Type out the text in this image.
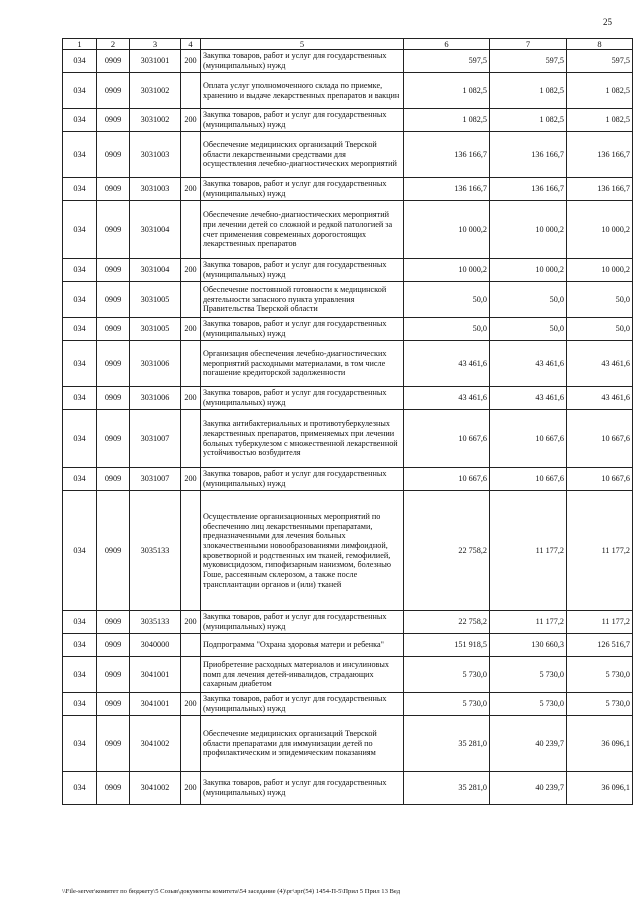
25
1	2	3	4	5	6	7	8
034	0909	3031001	200	Закупка товаров, работ и услуг для государственных (муниципальных) нужд	597,5	597,5	597,5
034	0909	3031002		Оплата услуг уполномоченного склада по приемке, хранению и выдаче лекарственных препаратов и вакцин	1 082,5	1 082,5	1 082,5
034	0909	3031002	200	Закупка товаров, работ и услуг для государственных (муниципальных) нужд	1 082,5	1 082,5	1 082,5
034	0909	3031003		Обеспечение медицинских организаций Тверской области лекарственными средствами для осуществления лечебно-диагностических мероприятий	136 166,7	136 166,7	136 166,7
034	0909	3031003	200	Закупка товаров, работ и услуг для государственных (муниципальных) нужд	136 166,7	136 166,7	136 166,7
034	0909	3031004		Обеспечение лечебно-диагностических мероприятий при лечении детей со сложной и редкой патологией за счет применения современных дорогостоящих лекарственных препаратов	10 000,2	10 000,2	10 000,2
034	0909	3031004	200	Закупка товаров, работ и услуг для государственных (муниципальных) нужд	10 000,2	10 000,2	10 000,2
034	0909	3031005		Обеспечение постоянной готовности к медицинской деятельности запасного пункта управления Правительства Тверской области	50,0	50,0	50,0
034	0909	3031005	200	Закупка товаров, работ и услуг для государственных (муниципальных) нужд	50,0	50,0	50,0
034	0909	3031006		Организация обеспечения лечебно-диагностических мероприятий расходными материалами, в том числе погашение кредиторской задолженности	43 461,6	43 461,6	43 461,6
034	0909	3031006	200	Закупка товаров, работ и услуг для государственных (муниципальных) нужд	43 461,6	43 461,6	43 461,6
034	0909	3031007		Закупка антибактериальных и противотуберкулезных лекарственных препаратов, применяемых при лечении больных туберкулезом с множественной лекарственной устойчивостью возбудителя	10 667,6	10 667,6	10 667,6
034	0909	3031007	200	Закупка товаров, работ и услуг для государственных (муниципальных) нужд	10 667,6	10 667,6	10 667,6
034	0909	3035133		Осуществление организационных мероприятий по обеспечению лиц лекарственными препаратами, предназначенными для лечения больных злокачественными новообразованиями лимфоидной, кроветворной и родственных им тканей, гемофилией, муковисцидозом, гипофизарным нанизмом, болезнью Гоше, рассеянным склерозом, а также после трансплантации органов и (или) тканей	22 758,2	11 177,2	11 177,2
034	0909	3035133	200	Закупка товаров, работ и услуг для государственных (муниципальных) нужд	22 758,2	11 177,2	11 177,2
034	0909	3040000		Подпрограмма "Охрана здоровья матери и ребенка"	151 918,5	130 660,3	126 516,7
034	0909	3041001		Приобретение расходных материалов и инсулиновых помп для лечения детей-инвалидов, страдающих сахарным диабетом	5 730,0	5 730,0	5 730,0
034	0909	3041001	200	Закупка товаров, работ и услуг для государственных (муниципальных) нужд	5 730,0	5 730,0	5 730,0
034	0909	3041002		Обеспечение медицинских организаций Тверской области препаратами для иммунизации детей по профилактическим и эпидемическим показаниям	35 281,0	40 239,7	36 096,1
034	0909	3041002	200	Закупка товаров, работ и услуг для государственных (муниципальных) нужд	35 281,0	40 239,7	36 096,1
\\File-server\комитет по бюджету\5 Созыв\документы комитета\54 заседание (4)\рг\зрг(54) 1454-П-5\Прил 5 Прил 13 Вед
